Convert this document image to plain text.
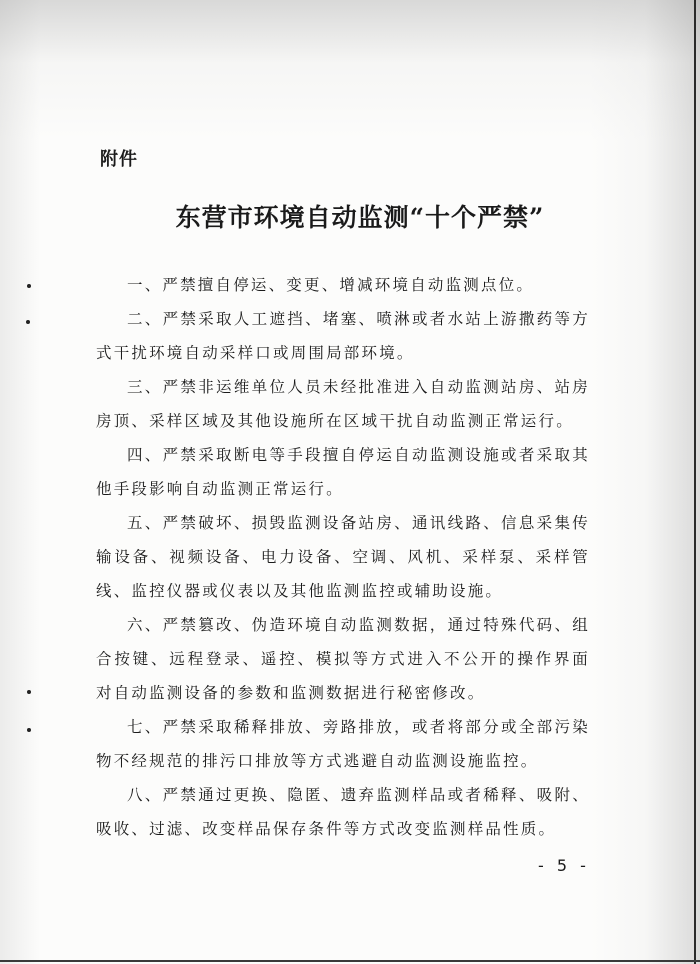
附件
东营市环境自动监测“十个严禁”

一、严禁擅自停运、变更、增减环境自动监测点位。

二、严禁采取人工遮挡、堵塞、喷淋或者水站上游撒药等方式干扰环境自动采样口或周围局部环境。

三、严禁非运维单位人员未经批准进入自动监测站房、站房房顶、采样区域及其他设施所在区域干扰自动监测正常运行。

四、严禁采取断电等手段擅自停运自动监测设施或者采取其他手段影响自动监测正常运行。

五、严禁破坏、损毁监测设备站房、通讯线路、信息采集传输设备、视频设备、电力设备、空调、风机、采样泵、采样管线、监控仪器或仪表以及其他监测监控或辅助设施。

六、严禁篡改、伪造环境自动监测数据，通过特殊代码、组合按键、远程登录、遥控、模拟等方式进入不公开的操作界面对自动监测设备的参数和监测数据进行秘密修改。

七、严禁采取稀释排放、旁路排放，或者将部分或全部污染物不经规范的排污口排放等方式逃避自动监测设施监控。

八、严禁通过更换、隐匿、遗弃监测样品或者稀释、吸附、吸收、过滤、改变样品保存条件等方式改变监测样品性质。

- 5 -
